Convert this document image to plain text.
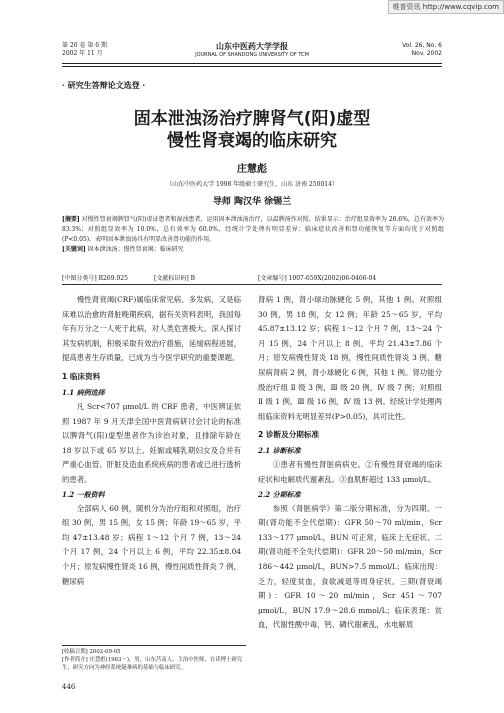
维普资讯 http://www.cqvip.com
第 26 卷 第 6 期
2002 年 11 月
山东中医药大学学报
JOURNAL OF SHANDONG UNIVERSITY OF TCM
Vol. 26, No. 6
Nov. 2002
· 研究生答辩论文选登 ·
固本泄浊汤治疗脾肾气(阳)虚型
慢性肾衰竭的临床研究
庄慧彪
（山东中医药大学 1998 年级硕士研究生，山东 济南 250014）
导师 陶汉华 徐锡兰
[摘要] 对慢性肾衰竭脾肾气(阳)虚证患者和湿浊患者，运用固本泄浊汤治疗，以温脾汤作对照。结果显示：治疗组显效率为 26.6%，总有效率为 83.3%；对照组显效率为 10.0%，总有效率为 60.0%，经统计学处理有明显差异；临床症状改善和肾功能恢复等方面均优于对照组(P<0.05)，表明固本泄浊汤具有明显改善肾功能的作用。
[关键词] 固本泄浊汤；慢性肾衰竭；临床研究
[中图分类号] R269.925	[文献标识码] B	[文章编号] 1007-659X(2002)06-0466-04

慢性肾衰竭(CRF)属临床常见病、多发病，又是临床难以治愈的肾脏晚期疾病，据有关资料表明，我国每年有万分之一人死于此病，对人类危害极大。深入探讨其发病机制，积极采取有效治疗措施，延缓病程进展，提高患者生存质量，已成为当今医学研究的重要课题。

1 临床资料
1.1 病例选择

凡 Scr<707 μmol/L 的 CRF 患者，中医辨证依照 1987 年 9 月天津全国中医肾病研讨会讨论的标准以脾肾气(阳)虚型患者作为诊治对象，且排除年龄在 18 岁以下或 65 岁以上、妊娠或哺乳期妇女及合并有严重心血管、肝脏及造血系统疾病的患者或已进行透析的患者。

1.2 一般资料

全部病人 60 例，随机分为治疗组和对照组，治疗组 30 例，男 15 例，女 15 例；年龄 19～65 岁，平均 47±13.48 岁；病程 1～12 个月 7 例，13～24 个月 17 例，24 个月以上 6 例，平均 22.35±8.04 个月；原发病慢性肾炎 16 例，慢性间质性肾炎 7 例，糖尿病

[收稿日期] 2002-09-05
[作者简介] 庄慧彪(1963－)，男，山东莒南人，主治中医师，在读博士研究生，研究方向为神经系统疑难病的基础与临床研究。
446

肾病 1 例，肾小球动脉硬化 5 例，其他 1 例。对照组 30 例，男 18 例，女 12 例；年龄 25～65 岁，平均 45.87±13.12 岁；病程 1～12 个月 7 例，13～24 个月 15 例，24 个月以上 8 例，平均 21.43±7.86 个月；原发病慢性肾炎 18 例，慢性间质性肾炎 3 例，糖尿病肾病 2 例，肾小球硬化 6 例，其他 1 例。肾功能分级治疗组 Ⅱ 级 3 例，Ⅲ 级 20 例，Ⅳ 级 7 例；对照组 Ⅱ 级 1 例，Ⅲ 级 16 例，Ⅳ 级 13 例。经统计学处理两组临床资料无明显差异(P>0.05)，具可比性。

2 诊断及分期标准
2.1 诊断标准

①患者有慢性肾脏病病史。②有慢性肾衰竭的临床症状和电解质代谢紊乱。③血肌酐超过 133 μmol/L。

2.2 分期标准

参照《肾脏病学》第二版分期标准，分为四期。一期(肾功能不全代偿期)：GFR 50～70 ml/min，Scr 133～177 μmol/L，BUN 可正常，临床上无症状。二期(肾功能不全失代偿期)：GFR 20～50 ml/min，Scr 186～442 μmol/L，BUN>7.5 mmol/L；临床出现：乏力，轻度贫血，食欲减退等周身症状。三期(肾衰竭期)：GFR 10～20 ml/min，Scr 451～707 μmol/L，BUN 17.9～28.6 mmol/L；临床表现：贫血，代谢性酸中毒，钙、磷代谢紊乱，水电解质
